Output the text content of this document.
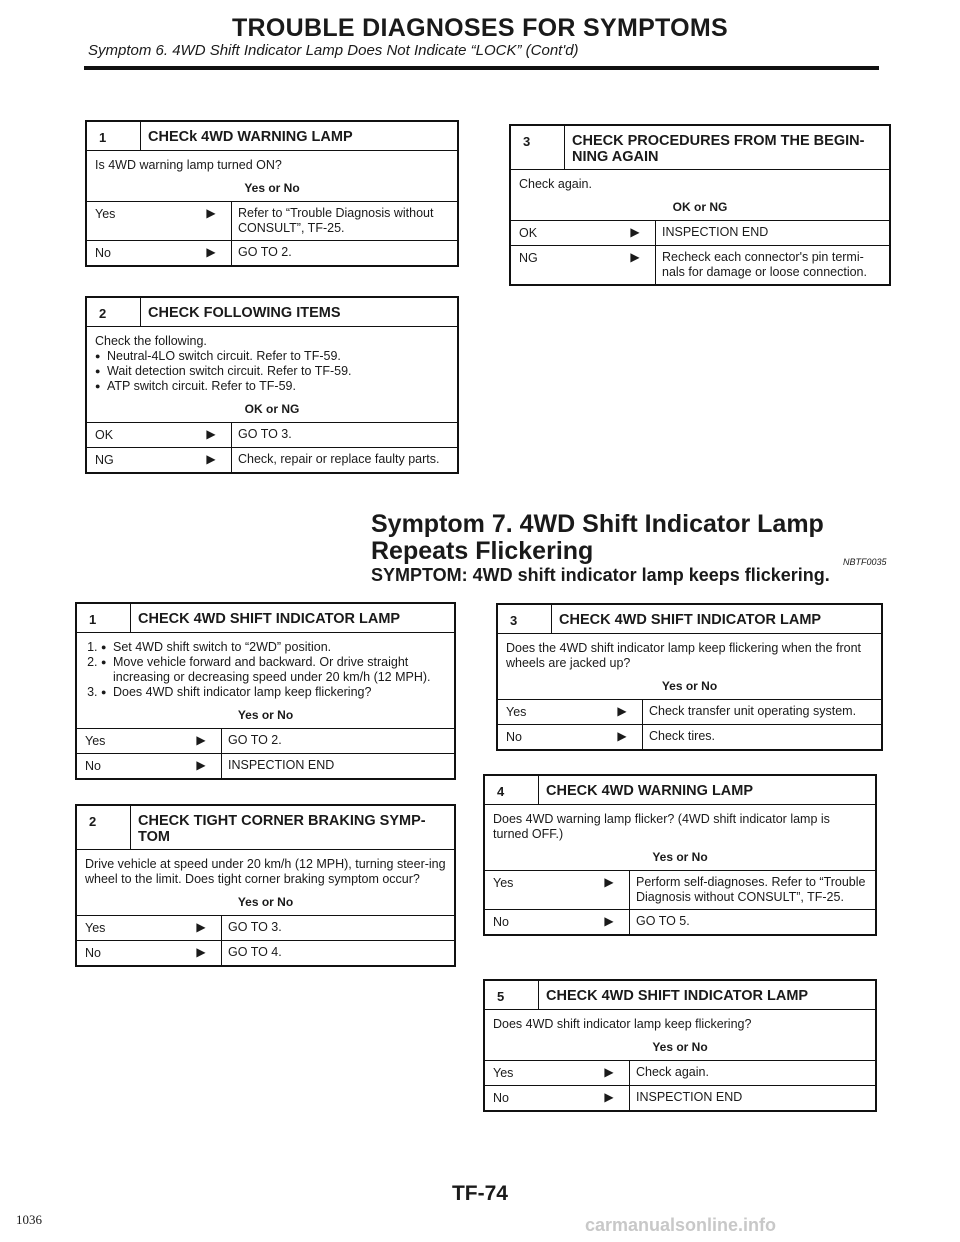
TROUBLE DIAGNOSES FOR SYMPTOMS
Symptom 6. 4WD Shift Indicator Lamp Does Not Indicate “LOCK” (Cont'd)
1	CHECk 4WD WARNING LAMP
Is 4WD warning lamp turned ON?
Yes or No
Yes	▶	Refer to “Trouble Diagnosis without CONSULT”, TF-25.
No	▶	GO TO 2.
2	CHECK FOLLOWING ITEMS
Check the following.
● Neutral-4LO switch circuit. Refer to TF-59.
● Wait detection switch circuit. Refer to TF-59.
● ATP switch circuit. Refer to TF-59.
OK or NG
OK	▶	GO TO 3.
NG	▶	Check, repair or replace faulty parts.
3	CHECK PROCEDURES FROM THE BEGIN-NING AGAIN
Check again.
OK or NG
OK	▶	INSPECTION END
NG	▶	Recheck each connector's pin termi-nals for damage or loose connection.
Symptom 7. 4WD Shift Indicator Lamp Repeats Flickering	NBTF0035
SYMPTOM: 4WD shift indicator lamp keeps flickering.
1	CHECK 4WD SHIFT INDICATOR LAMP
● 1. Set 4WD shift switch to “2WD” position.
● 2. Move vehicle forward and backward. Or drive straight increasing or decreasing speed under 20 km/h (12 MPH).
● 3. Does 4WD shift indicator lamp keep flickering?
Yes or No
Yes	▶	GO TO 2.
No	▶	INSPECTION END
2	CHECK TIGHT CORNER BRAKING SYMP-TOM
Drive vehicle at speed under 20 km/h (12 MPH), turning steer-ing wheel to the limit. Does tight corner braking symptom occur?
Yes or No
Yes	▶	GO TO 3.
No	▶	GO TO 4.
3	CHECK 4WD SHIFT INDICATOR LAMP
Does the 4WD shift indicator lamp keep flickering when the front wheels are jacked up?
Yes or No
Yes	▶	Check transfer unit operating system.
No	▶	Check tires.
4	CHECK 4WD WARNING LAMP
Does 4WD warning lamp flicker? (4WD shift indicator lamp is turned OFF.)
Yes or No
Yes	▶	Perform self-diagnoses. Refer to “Trouble Diagnosis without CONSULT”, TF-25.
No	▶	GO TO 5.
5	CHECK 4WD SHIFT INDICATOR LAMP
Does 4WD shift indicator lamp keep flickering?
Yes or No
Yes	▶	Check again.
No	▶	INSPECTION END
TF-74
1036	carmanualsonline.info
